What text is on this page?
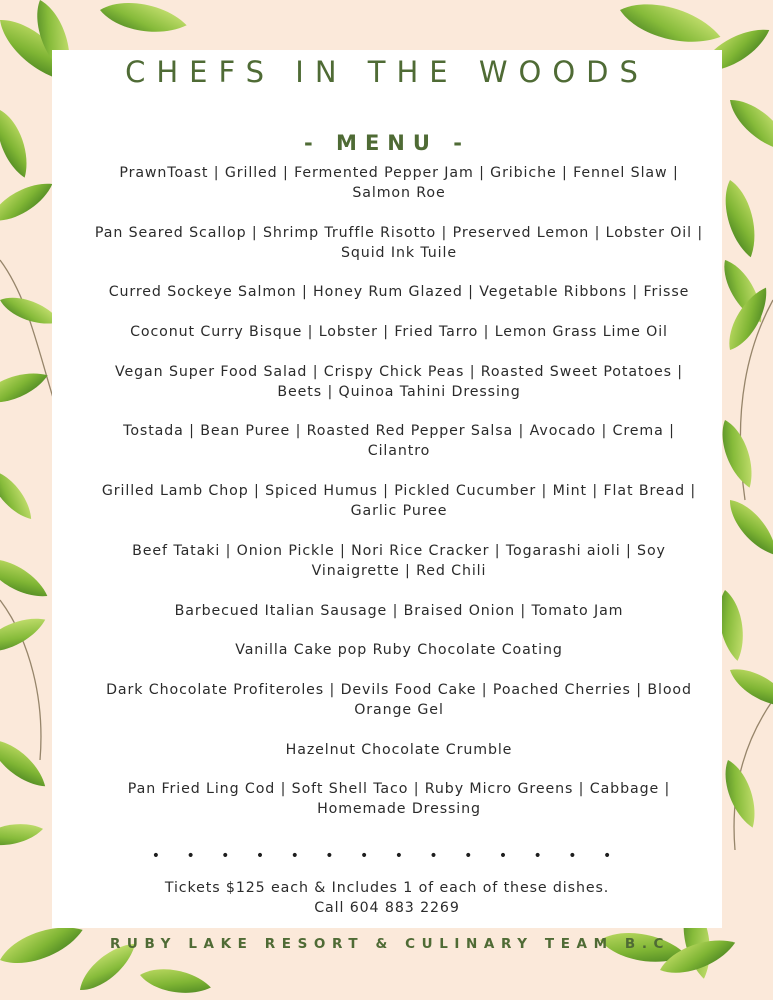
CHEFS IN THE WOODS
- MENU -
PrawnToast | Grilled | Fermented Pepper Jam | Gribiche | Fennel Slaw | Salmon Roe
Pan Seared Scallop | Shrimp Truffle Risotto | Preserved Lemon | Lobster Oil | Squid Ink Tuile
Curred Sockeye Salmon | Honey Rum Glazed | Vegetable Ribbons | Frisse
Coconut Curry Bisque | Lobster | Fried Tarro | Lemon Grass Lime Oil
Vegan Super Food Salad | Crispy Chick Peas | Roasted Sweet Potatoes | Beets | Quinoa Tahini Dressing
Tostada | Bean Puree | Roasted Red Pepper Salsa | Avocado | Crema | Cilantro
Grilled Lamb Chop | Spiced Humus | Pickled Cucumber | Mint | Flat Bread | Garlic Puree
Beef Tataki | Onion Pickle | Nori Rice Cracker | Togarashi aioli | Soy Vinaigrette | Red Chili
Barbecued Italian Sausage | Braised Onion | Tomato Jam
Vanilla Cake pop Ruby Chocolate Coating
Dark Chocolate Profiteroles | Devils Food Cake | Poached Cherries | Blood Orange Gel
Hazelnut Chocolate Crumble
Pan Fried Ling Cod | Soft Shell Taco | Ruby Micro Greens | Cabbage | Homemade Dressing
• • • • • • • • • • • • • •
Tickets $125 each & Includes 1 of each of these dishes.
Call 604 883 2269	menupix
RUBY LAKE RESORT & CULINARY TEAM B.C
